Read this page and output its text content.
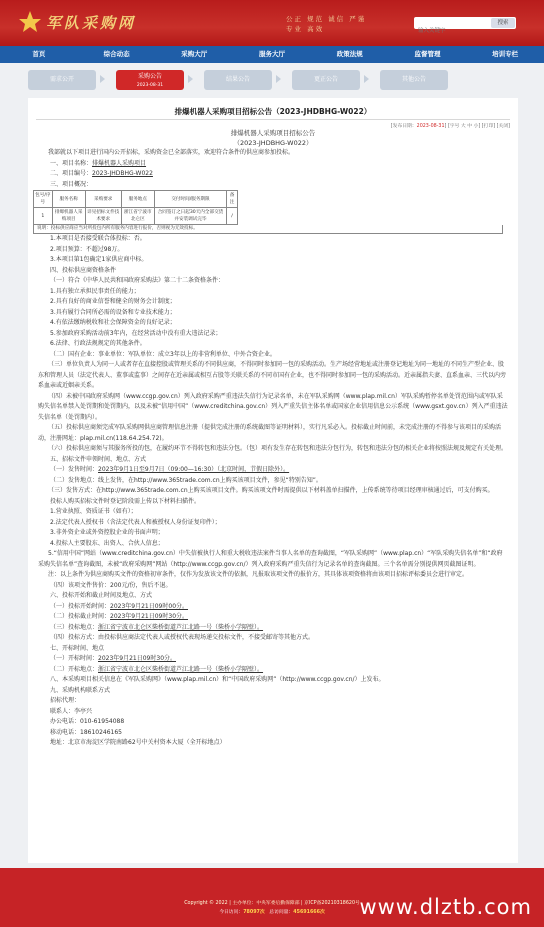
军队采购网	公正 规范 诚信 严谨 专业 高效
输入关键字
搜索
首页	综合动态	采购大厅	服务大厅	政策法规	监督管理	培训专栏
需求公开	采购公告
2023-08-31
结果公告	更正公告	其他公告
排爆机器人采购项目招标公告（2023-JHDBHG-W022）
[发布日期：2023-08-31] [字号 大 中 小] [打印] [关闭]
排爆机器人采购项目招标公告
（2023-JHDBHG-W022）
我部就以下项目进行国内公开招标，采购资金已全部落实，欢迎符合条件的供应商参加投标。
一、项目名称：排爆机器人采购项目
二、项目编号：2023-JHDBHG-W022
三、项目概况：
包号/序号	服务名称	采购要求	服务地点	交付时间/服务期限	备注
1	排爆机器人采购项目	详见招标文件技术要求	浙江省宁波市北仑区	合同签订之日起30天内全部交货并安装调试完毕	/
说明：投标供应商应当对所投包内所有服务内容进行报价，否则视为无效投标。
1.本项目是否接受联合体投标：否。
2.项目预算：不超过98万。
3.本项目第1包确定1家供应商中标。
四、投标供应商资格条件
（一）符合《中华人民共和国政府采购法》第二十二条资格条件：
1.具有独立承担民事责任的能力；
2.具有良好的商业信誉和健全的财务会计制度；
3.具有履行合同所必需的设备和专业技术能力；
4.有依法缴纳税收和社会保障资金的良好记录；
5.参加政府采购活动前3年内，在经营活动中没有重大违法记录；
6.法律、行政法规规定的其他条件。
（二）国有企业：事业单位：军队单位：成立3年以上的非营利单位、中外合资企业。
（三）单位负责人为同一人或者存在直接控股或管理关系的不同供应商，不得同时参加同一包的采购活动。生产场经营地址或注册登记地址为同一地址的不同生产型企业、股东和管理人员（法定代表人、董事或监事）之间存在近亲属或相互占股等关联关系的不同市国有企业，也不得同时参加同一包的采购活动。近亲属指夫妻、直系血亲、三代以内旁系血亲或近姻亲关系。
（四）未被中国政府采购网（www.ccgp.gov.cn）列入政府采购严重违法失信行为记录名单，未在军队采购网（www.plap.mil.cn）军队采购暂停名单处罚范围内或军队采购失信名单禁入处罚期和处罚期内，以及未被“信用中国”（www.creditchina.gov.cn）列入严重失信主体名单或国家企业信用信息公示系统（www.gsxt.gov.cn）列入严重违法失信名单（处罚期内）。
（五）投标供应商须完成军队采购网供应商管理信息注册（提供完成注册的系统截图等证明材料），实行凡采必入。投标截止时间前，未完成注册的不得参与该项目的采购活动，注册网址：plap.mil.cn(118.64.254.72)。
（六）投标供应商须与其服务所投的包，在履约环节不得转包和违法分包。（包）项有发生存在转包和违法分包行为，转包和违法分包的相关企业将按照法规及规定有关处理。
五、招标文件申领时间、地点、方式
（一）发售时间：2023年9月1日至9月7日（09:00—16:30）（北京时间，节假日除外）。
（二）发售地点：线上发售，在http://www.365trade.com.cn上购买该项目文件，参见“特别告知”。
（三）发售方式：在http://www.365trade.com.cn上购买该项目文件。购买该项文件时需提供以下材料盖单扫描件，上传系统等待项目经理审核通过后，可支付购买。
投标人购买招标文件时登记阶段需上传以下材料扫描件。
1.营业执照、资质证书（如有）；
2.法定代表人授权书（含法定代表人和被授权人身份证复印件）；
3.非外资企业或外资控股企业的书面声明；
4.投标人主要股东、出资人、合伙人信息；
5.“信用中国”网站（www.creditchina.gov.cn）中失信被执行人和重大税收违法案件当事人名单的查询截图，“军队采购网”（www.plap.cn）“军队采购失信名单”和“政府采购失信名单”查询截图，未被“政府采购网”网站（http://www.ccgp.gov.cn/）列入政府采购严重失信行为记录名单的查询截图。三个名单需分别提供网页截图证明。
注：以上条件为供应商购买文件的资格初审条件，仅作为发放该文件的依据，凡报取该项文件的报价方，其具体该项资格将由该项目招标评标委员会进行审定。
（四）该项文件售价：200元/份，售后不退。
六、投标开始和截止时间及地点、方式
（一）投标开始时间：2023年9月21日09时00分。
（二）投标截止时间：2023年9月21日09时30分。
（三）投标地点：浙江省宁波市北仑区柴桥街道芦江北路一号（柴桥小学隔壁）。
（四）投标方式：由投标供应商法定代表人或授权代表现场递交投标文件，不接受邮寄等其他方式。
七、开标时间、地点
（一）开标时间：2023年9月21日09时30分。
（二）开标地点：浙江省宁波市北仑区柴桥街道芦江北路一号（柴桥小学隔壁）。
八、本采购项目相关信息在《军队采购网》（www.plap.mil.cn）和“中国政府采购网”（http://www.ccgp.gov.cn/）上发布。
九、采购机构联系方式
招标代理：
联系人：李亭兴
办公电话：010-61954088
移动电话：18610246165
地址：北京市海淀区学院南路62号中关村资本大厦（全开标地点）
Copyright © 2022 | 主办单位：中央军委后勤保障部 | 京ICP备20210318620号
今日访问：78097次 总访问量：45691666次	www.dlztb.com
